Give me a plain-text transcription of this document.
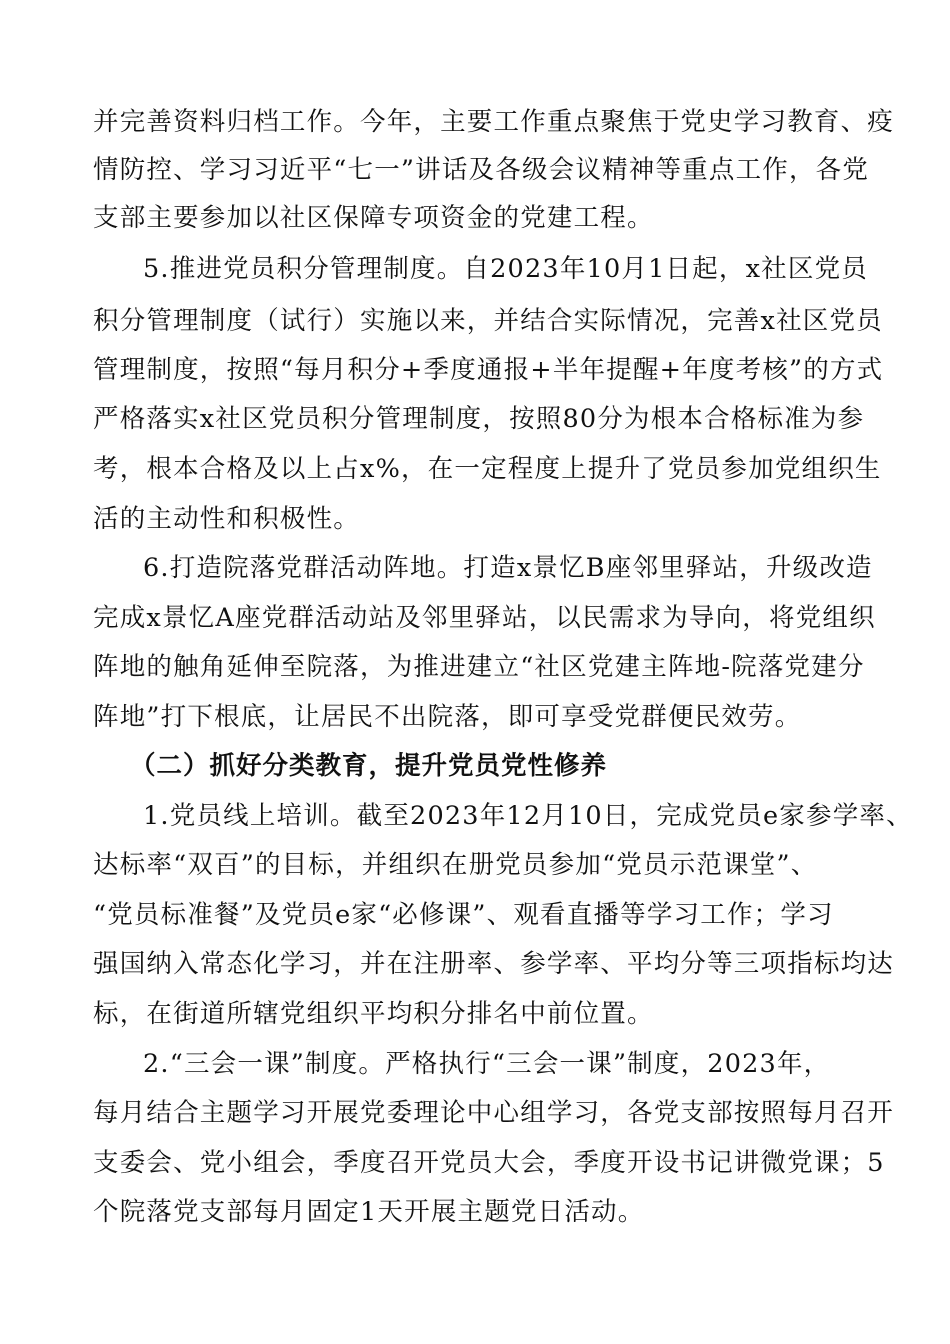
并完善资料归档工作。今年，主要工作重点聚焦于党史学习教育、疫
情防控、学习习近平“七一”讲话及各级会议精神等重点工作，各党
支部主要参加以社区保障专项资金的党建工程。
5.推进党员积分管理制度。自2023年10月1日起，x社区党员
积分管理制度（试行）实施以来，并结合实际情况，完善x社区党员
管理制度，按照“每月积分+季度通报+半年提醒+年度考核”的方式
严格落实x社区党员积分管理制度，按照80分为根本合格标准为参
考，根本合格及以上占x%，在一定程度上提升了党员参加党组织生
活的主动性和积极性。
6.打造院落党群活动阵地。打造x景忆B座邻里驿站，升级改造
完成x景忆A座党群活动站及邻里驿站，以民需求为导向，将党组织
阵地的触角延伸至院落，为推进建立“社区党建主阵地-院落党建分
阵地”打下根底，让居民不出院落，即可享受党群便民效劳。
（二）抓好分类教育，提升党员党性修养
1.党员线上培训。截至2023年12月10日，完成党员e家参学率、
达标率“双百”的目标，并组织在册党员参加“党员示范课堂”、
“党员标准餐”及党员e家“必修课”、观看直播等学习工作；学习
强国纳入常态化学习，并在注册率、参学率、平均分等三项指标均达
标，在街道所辖党组织平均积分排名中前位置。
2.“三会一课”制度。严格执行“三会一课”制度，2023年，
每月结合主题学习开展党委理论中心组学习，各党支部按照每月召开
支委会、党小组会，季度召开党员大会，季度开设书记讲微党课；5
个院落党支部每月固定1天开展主题党日活动。
